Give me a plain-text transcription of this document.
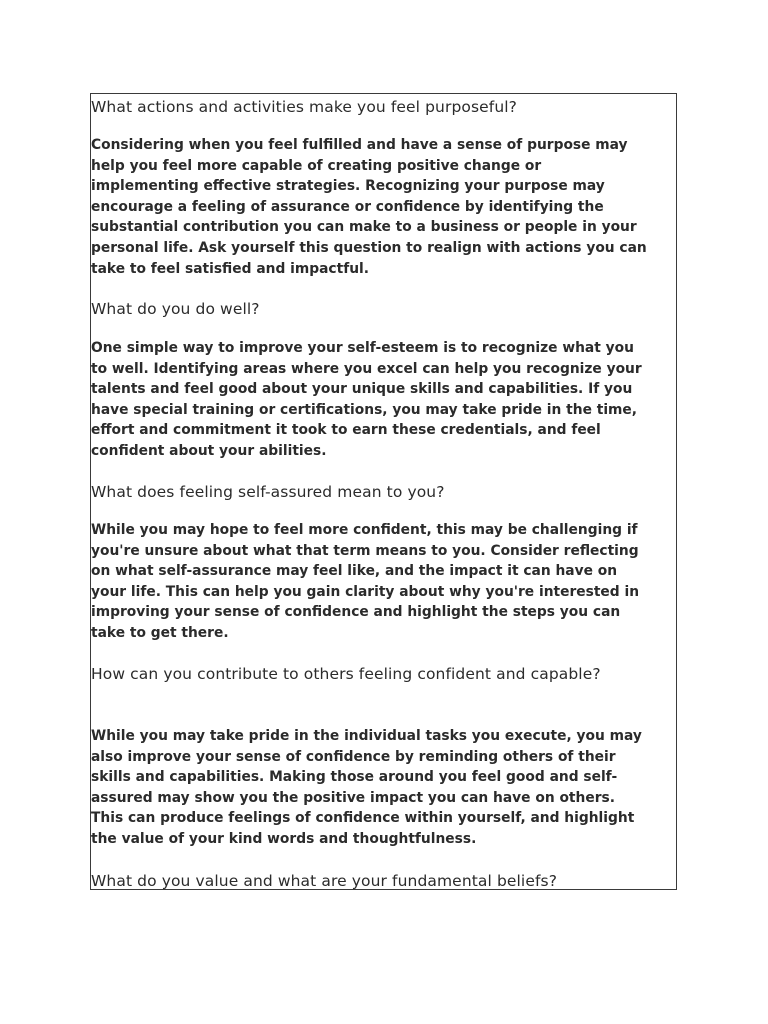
What actions and activities make you feel purposeful?

Considering when you feel fulfilled and have a sense of purpose may
help you feel more capable of creating positive change or
implementing effective strategies. Recognizing your purpose may
encourage a feeling of assurance or confidence by identifying the
substantial contribution you can make to a business or people in your
personal life. Ask yourself this question to realign with actions you can
take to feel satisfied and impactful.

What do you do well?

One simple way to improve your self-esteem is to recognize what you
to well. Identifying areas where you excel can help you recognize your
talents and feel good about your unique skills and capabilities. If you
have special training or certifications, you may take pride in the time,
effort and commitment it took to earn these credentials, and feel
confident about your abilities.

What does feeling self-assured mean to you?

While you may hope to feel more confident, this may be challenging if
you're unsure about what that term means to you. Consider reflecting
on what self-assurance may feel like, and the impact it can have on
your life. This can help you gain clarity about why you're interested in
improving your sense of confidence and highlight the steps you can
take to get there.

How can you contribute to others feeling confident and capable?

While you may take pride in the individual tasks you execute, you may
also improve your sense of confidence by reminding others of their
skills and capabilities. Making those around you feel good and self-
assured may show you the positive impact you can have on others.
This can produce feelings of confidence within yourself, and highlight
the value of your kind words and thoughtfulness.

What do you value and what are your fundamental beliefs?
